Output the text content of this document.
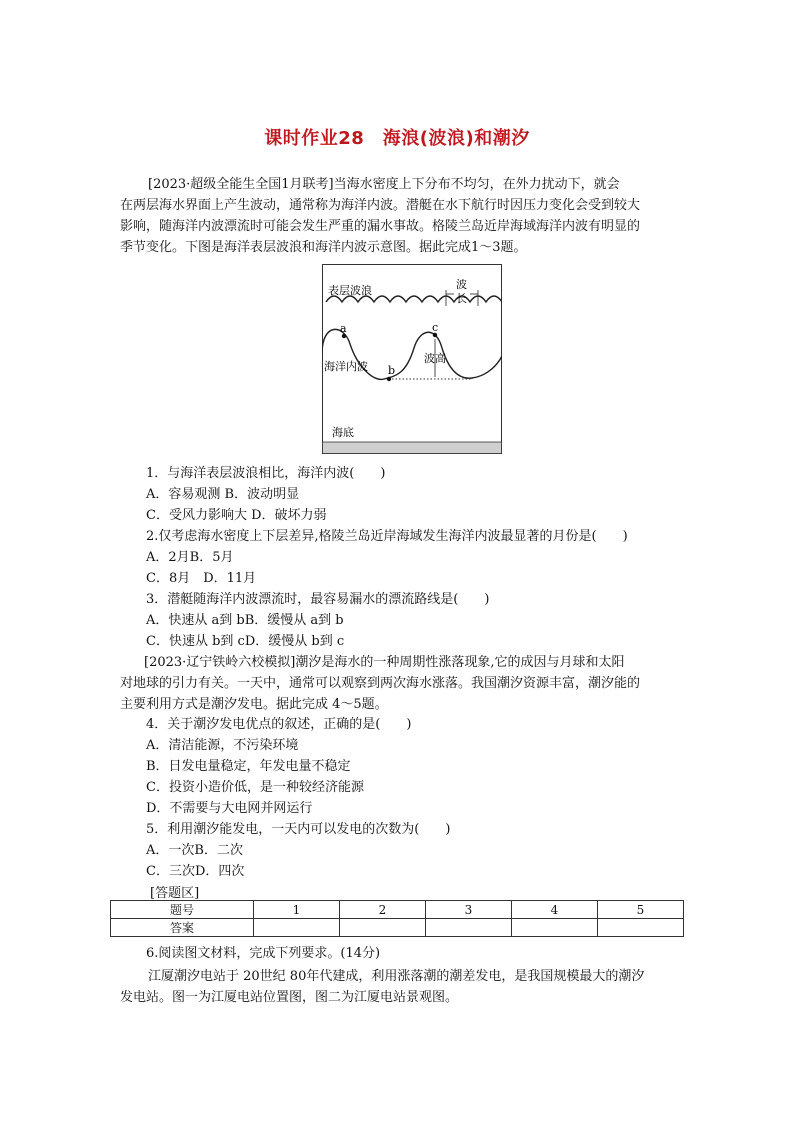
课时作业28　海浪(波浪)和潮汐
[2023·超级全能生全国1月联考]当海水密度上下分布不均匀，在外力扰动下，就会
在两层海水界面上产生波动，通常称为海洋内波。潜艇在水下航行时因压力变化会受到较大
影响，随海洋内波漂流时可能会发生严重的漏水事故。格陵兰岛近岸海域海洋内波有明显的
季节变化。下图是海洋表层波浪和海洋内波示意图。据此完成1～3题。
波
长
表层波浪
a
b
c
波高
海洋内波
海底
1．与海洋表层波浪相比，海洋内波(　　)
A．容易观测 B．波动明显
C．受风力影响大 D．破坏力弱
2.仅考虑海水密度上下层差异,格陵兰岛近岸海域发生海洋内波最显著的月份是(　　)
A．2月B．5月
C．8月　D．11月
3．潜艇随海洋内波漂流时，最容易漏水的漂流路线是(　　)
A．快速从 a到 bB．缓慢从 a到 b
C．快速从 b到 cD．缓慢从 b到 c
[2023·辽宁铁岭六校模拟]潮汐是海水的一种周期性涨落现象,它的成因与月球和太阳
对地球的引力有关。一天中，通常可以观察到两次海水涨落。我国潮汐资源丰富，潮汐能的
主要利用方式是潮汐发电。据此完成 4～5题。
4．关于潮汐发电优点的叙述，正确的是(　　)
A．清洁能源，不污染环境
B．日发电量稳定，年发电量不稳定
C．投资小造价低，是一种较经济能源
D．不需要与大电网并网运行
5．利用潮汐能发电，一天内可以发电的次数为(　　)
A．一次B．二次
C．三次D．四次
[答题区]
题号	1	2	3	4	5
答案					
6.阅读图文材料，完成下列要求。(14分)
江厦潮汐电站于 20世纪 80年代建成，利用涨落潮的潮差发电，是我国规模最大的潮汐
发电站。图一为江厦电站位置图，图二为江厦电站景观图。
